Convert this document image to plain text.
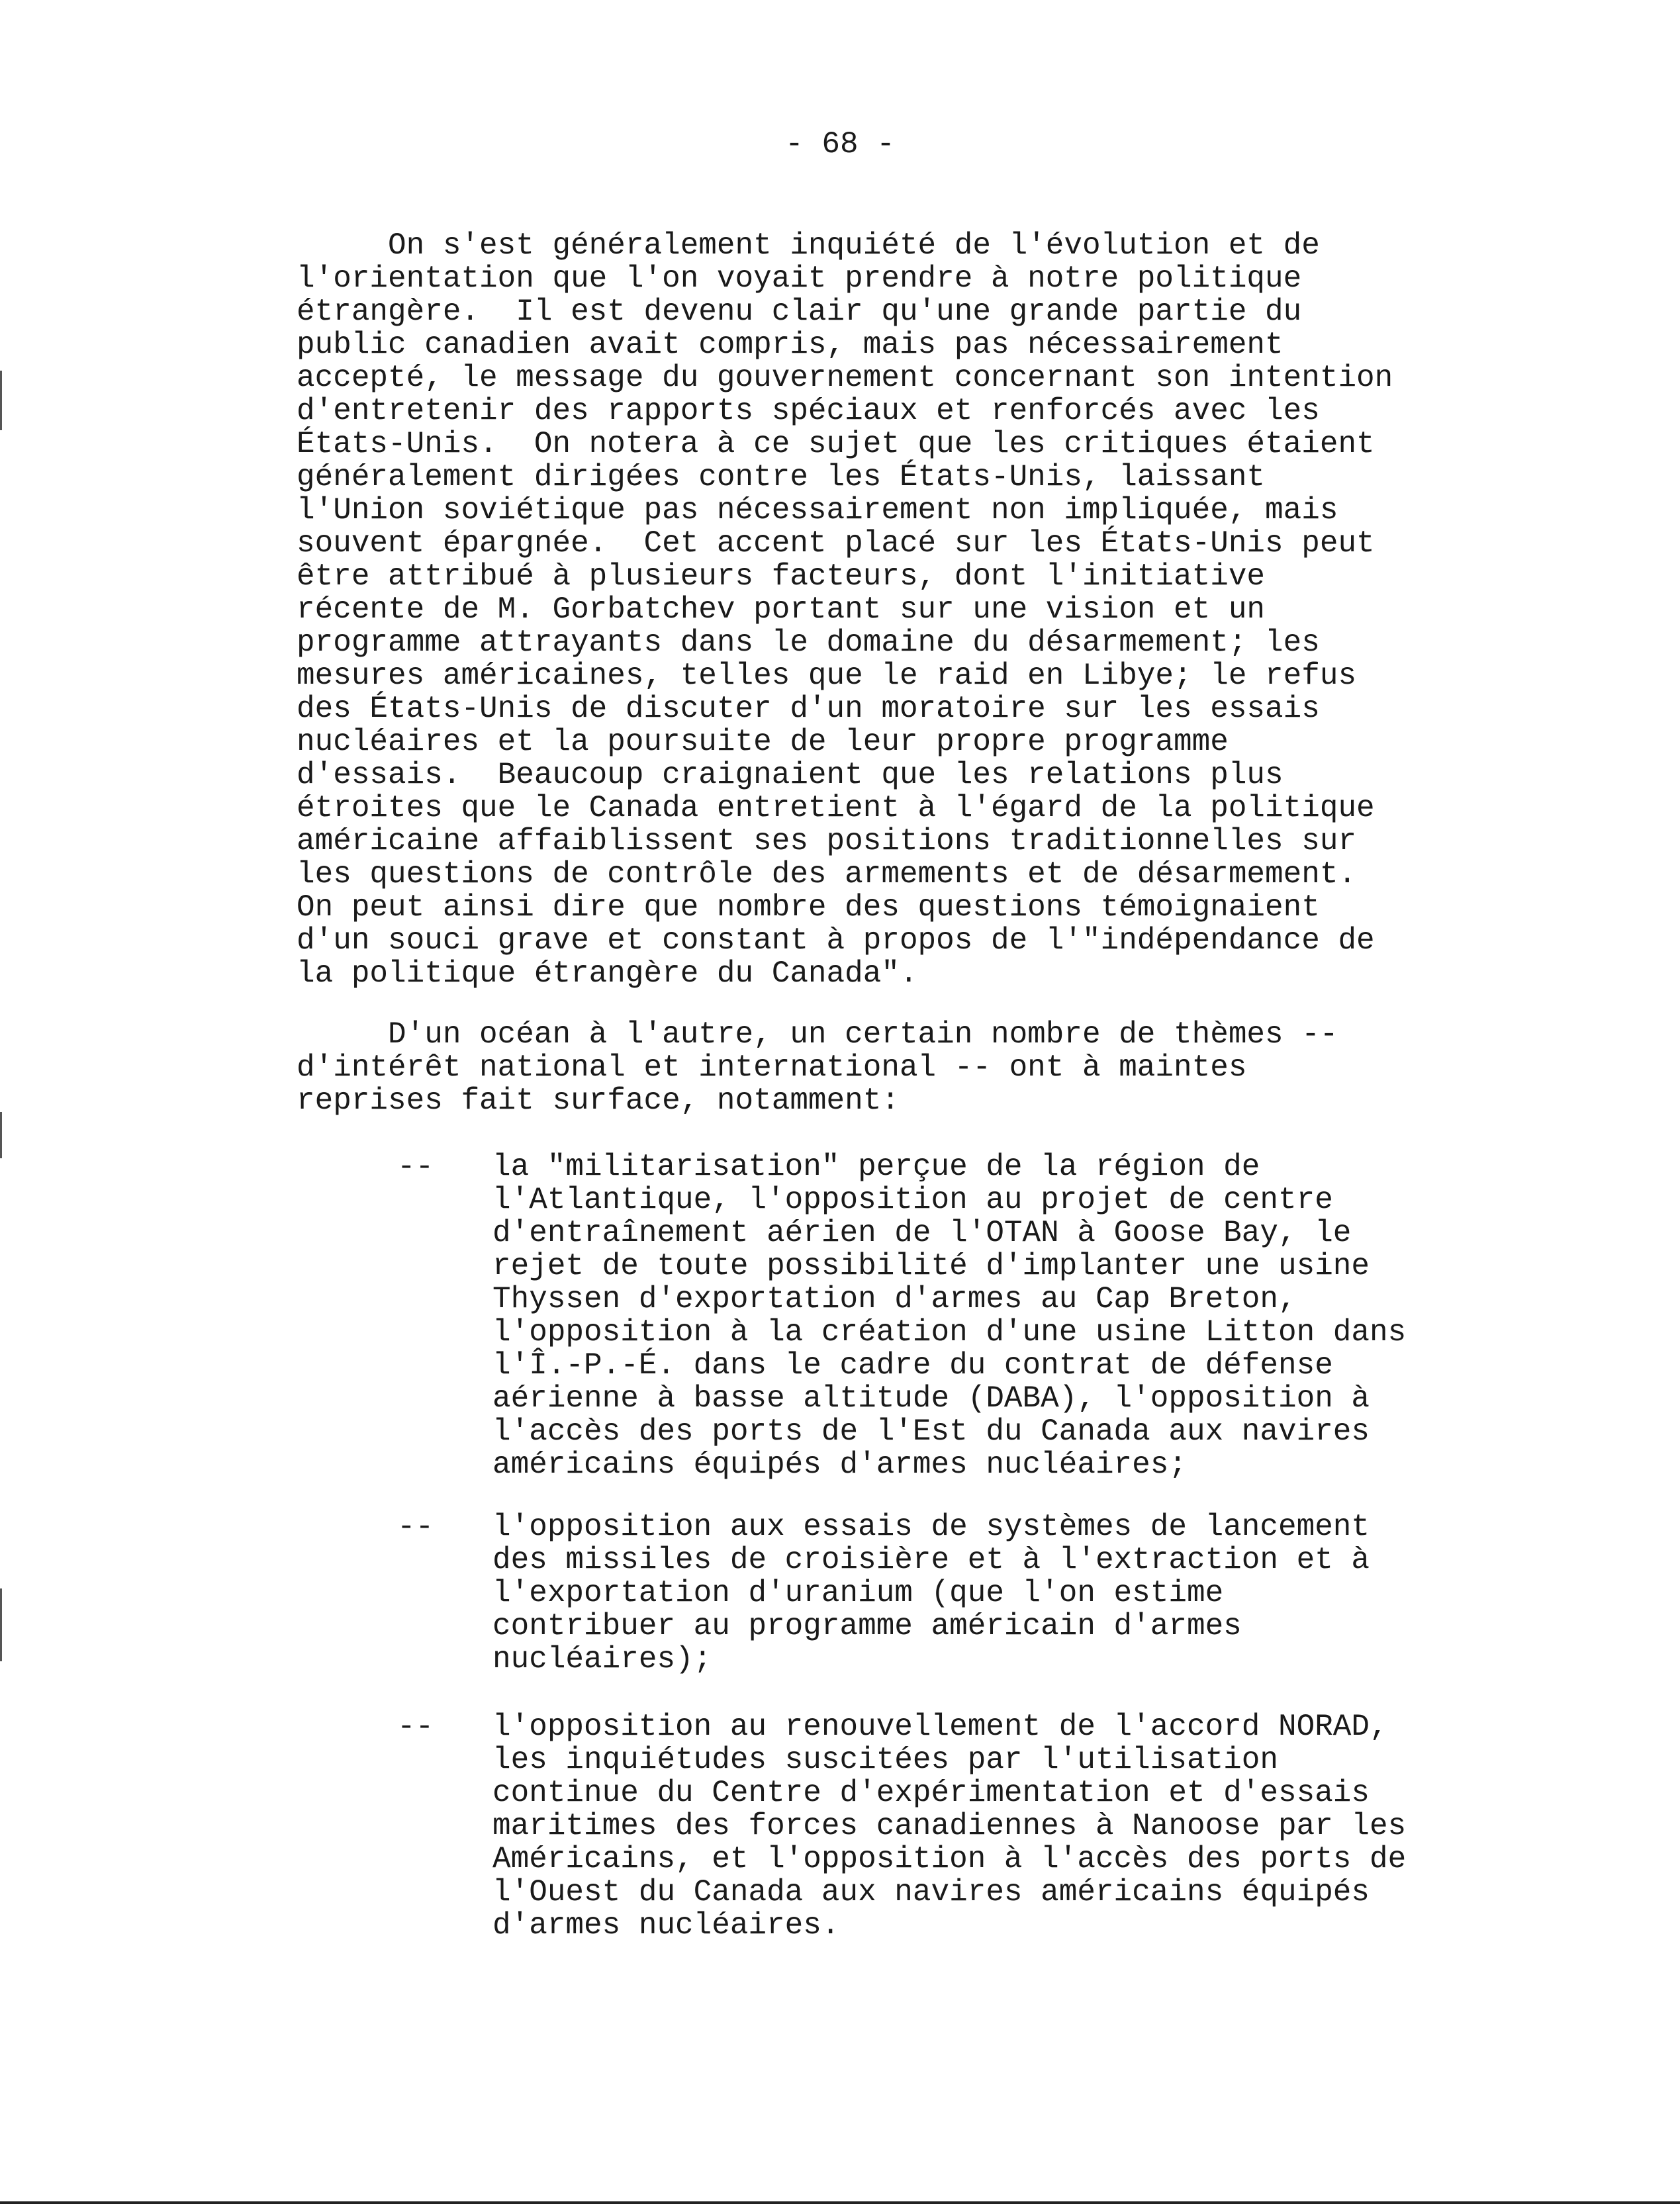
- 68 -
On s'est généralement inquiété de l'évolution et de
l'orientation que l'on voyait prendre à notre politique
étrangère.  Il est devenu clair qu'une grande partie du
public canadien avait compris, mais pas nécessairement
accepté, le message du gouvernement concernant son intention
d'entretenir des rapports spéciaux et renforcés avec les
États-Unis.  On notera à ce sujet que les critiques étaient
généralement dirigées contre les États-Unis, laissant
l'Union soviétique pas nécessairement non impliquée, mais
souvent épargnée.  Cet accent placé sur les États-Unis peut
être attribué à plusieurs facteurs, dont l'initiative
récente de M. Gorbatchev portant sur une vision et un
programme attrayants dans le domaine du désarmement; les
mesures américaines, telles que le raid en Libye; le refus
des États-Unis de discuter d'un moratoire sur les essais
nucléaires et la poursuite de leur propre programme
d'essais.  Beaucoup craignaient que les relations plus
étroites que le Canada entretient à l'égard de la politique
américaine affaiblissent ses positions traditionnelles sur
les questions de contrôle des armements et de désarmement.
On peut ainsi dire que nombre des questions témoignaient
d'un souci grave et constant à propos de l'"indépendance de
la politique étrangère du Canada".
D'un océan à l'autre, un certain nombre de thèmes --
d'intérêt national et international -- ont à maintes
reprises fait surface, notamment:
-- la "militarisation" perçue de la région de
l'Atlantique, l'opposition au projet de centre
d'entraînement aérien de l'OTAN à Goose Bay, le
rejet de toute possibilité d'implanter une usine
Thyssen d'exportation d'armes au Cap Breton,
l'opposition à la création d'une usine Litton dans
l'Î.-P.-É. dans le cadre du contrat de défense
aérienne à basse altitude (DABA), l'opposition à
l'accès des ports de l'Est du Canada aux navires
américains équipés d'armes nucléaires;
-- l'opposition aux essais de systèmes de lancement
des missiles de croisière et à l'extraction et à
l'exportation d'uranium (que l'on estime
contribuer au programme américain d'armes
nucléaires);
-- l'opposition au renouvellement de l'accord NORAD,
les inquiétudes suscitées par l'utilisation
continue du Centre d'expérimentation et d'essais
maritimes des forces canadiennes à Nanoose par les
Américains, et l'opposition à l'accès des ports de
l'Ouest du Canada aux navires américains équipés
d'armes nucléaires.
